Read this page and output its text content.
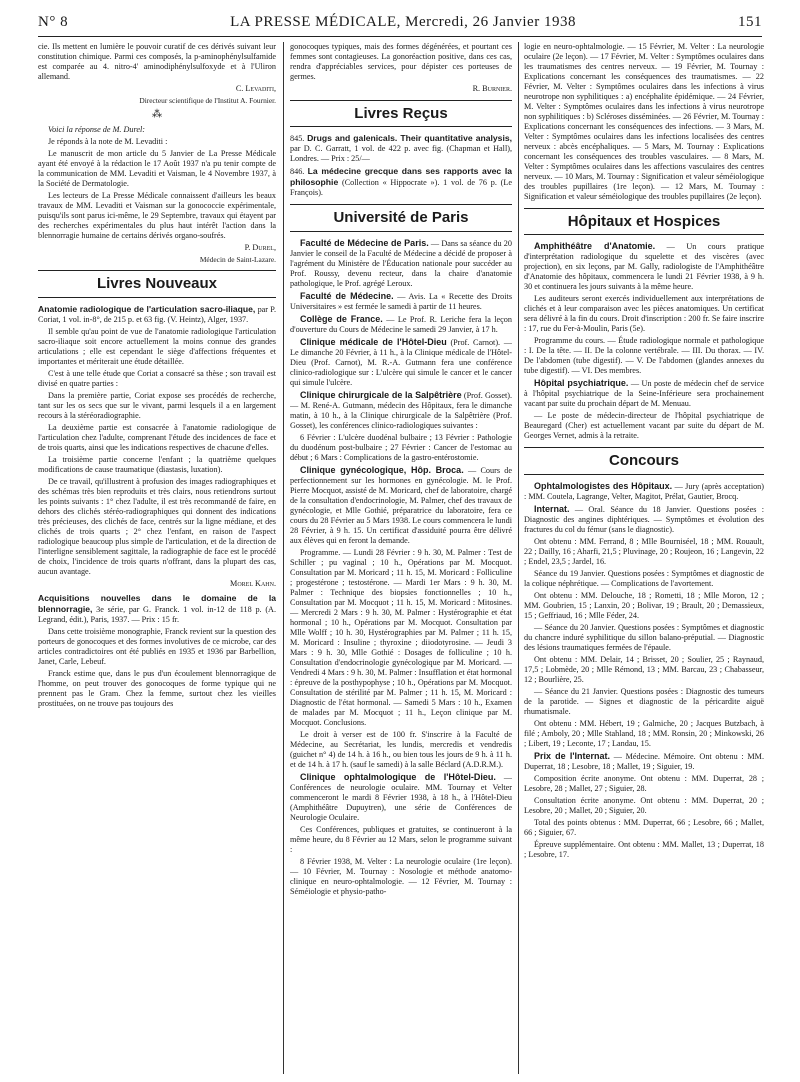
N° 8	LA PRESSE MÉDICALE, Mercredi, 26 Janvier 1938	151

cie. Ils mettent en lumière le pouvoir curatif de ces dérivés suivant leur constitution chimique. Parmi ces composés, la p-aminophénylsulfamide est comparée au 4. nitro-4' aminodiphénylsulfoxyde et à l'Uliron allemand.

C. Levaditi,

Directeur scientifique de l'Institut A. Fournier.

⁂

Voici la réponse de M. Durel:

Je réponds à la note de M. Levaditi :

Le manuscrit de mon article du 5 Janvier de La Presse Médicale ayant été envoyé à la rédaction le 17 Août 1937 n'a pu tenir compte de la communication de MM. Levaditi et Vaisman, le 4 Novembre 1937, à la Société de Dermatologie.

Les lecteurs de La Presse Médicale connaissent d'ailleurs les beaux travaux de MM. Levaditi et Vaisman sur la gonococcie expérimentale, puisqu'ils sont parus ici-même, le 29 Septembre, travaux qui étayent par des recherches expérimentales du plus haut intérêt l'action dans la blennorragie humaine de certains dérivés organo-soufrés.

P. Durel,

Médecin de Saint-Lazare.

Livres Nouveaux

Anatomie radiologique de l'articulation sacro-iliaque, par P. Coriat, 1 vol. in-8°, de 215 p. et 63 fig. (V. Heintz), Alger, 1937.

Il semble qu'au point de vue de l'anatomie radiologique l'articulation sacro-iliaque soit encore actuellement la moins connue des grandes articulations ; elle est cependant le siège d'affections fréquentes et importantes et mériterait une étude détaillée.

C'est à une telle étude que Coriat a consacré sa thèse ; son travail est divisé en quatre parties :

Dans la première partie, Coriat expose ses procédés de recherche, tant sur les os secs que sur le vivant, parmi lesquels il a en largement recours à la stéréoradiographie.

La deuxième partie est consacrée à l'anatomie radiologique de l'articulation chez l'adulte, comprenant l'étude des incidences de face et de trois quarts, ainsi que les indications respectives de chacune d'elles.

La troisième partie concerne l'enfant ; la quatrième quelques modifications de cause traumatique (diastasis, luxation).

De ce travail, qu'illustrent à profusion des images radiographiques et des schémas très bien reproduits et très clairs, nous retiendrons surtout les points suivants : 1° chez l'adulte, il est très recommandé de faire, en dehors des clichés stéréo-radiographiques qui donnent des indications très précieuses, des clichés de face, centrés sur la ligne médiane, et des clichés de trois quarts ; 2° chez l'enfant, en raison de l'aspect radiologique beaucoup plus simple de l'articulation, et de la direction de l'interligne sensiblement sagittale, la radiographie de face est le procédé de choix, l'incidence de trois quarts n'offrant, dans la plupart des cas, aucun avantage.

Morel Kahn.

Acquisitions nouvelles dans le domaine de la blennorragie, 3e série, par G. Franck. 1 vol. in-12 de 118 p. (A. Legrand, édit.), Paris, 1937. — Prix : 15 fr.

Dans cette troisième monographie, Franck revient sur la question des porteurs de gonocoques et des formes involutives de ce microbe, car des articles contradictoires ont été publiés en 1935 et 1936 par Barbellion, Janet, Carle, Lebeuf.

Franck estime que, dans le pus d'un écoulement blennorragique de l'homme, on peut trouver des gonocoques de forme typique qui ne prennent pas le Gram. Chez la femme, surtout chez les vieilles prostituées, on ne trouve pas toujours des

gonocoques typiques, mais des formes dégénérées, et pourtant ces femmes sont contagieuses. La gonoréaction positive, dans ces cas, rendra d'appréciables services, pour dépister ces porteuses de germes.

R. Burnier.

Livres Reçus

845. Drugs and galenicals. Their quantitative analysis, par D. C. Garratt, 1 vol. de 422 p. avec fig. (Chapman et Hall), Londres. — Prix : 25/—

846. La médecine grecque dans ses rapports avec la philosophie (Collection « Hippocrate »). 1 vol. de 76 p. (Le François).

Université de Paris

Faculté de Médecine de Paris. — Dans sa séance du 20 Janvier le conseil de la Faculté de Médecine a décidé de proposer à l'agrément du Ministère de l'Éducation nationale pour succéder au Prof. Roussy, devenu recteur, dans la chaire d'anatomie pathologique, le Prof. agrégé Leroux.

Faculté de Médecine. — Avis. La « Recette des Droits Universitaires » est fermée le samedi à partir de 11 heures.

Collège de France. — Le Prof. R. Leriche fera la leçon d'ouverture du Cours de Médecine le samedi 29 Janvier, à 17 h.

Clinique médicale de l'Hôtel-Dieu (Prof. Carnot). — Le dimanche 20 Février, à 11 h., à la Clinique médicale de l'Hôtel-Dieu (Prof. Carnot), M. R.-A. Gutmann fera une conférence clinico-radiologique sur : L'ulcère qui simule le cancer et le cancer qui simule l'ulcère.

Clinique chirurgicale de la Salpêtrière (Prof. Gosset). — M. René-A. Gutmann, médecin des Hôpitaux, fera le dimanche matin, à 10 h., à la Clinique chirurgicale de la Salpêtrière (Prof. Gosset), les conférences clinico-radiologiques suivantes :

6 Février : L'ulcère duodénal bulbaire ; 13 Février : Pathologie du duodénum post-bulbaire ; 27 Février : Cancer de l'estomac au début ; 6 Mars : Complications de la gastro-entérostomie.

Clinique gynécologique, Hôp. Broca. — Cours de perfectionnement sur les hormones en gynécologie. M. le Prof. Pierre Mocquot, assisté de M. Moricard, chef de laboratoire, chargé de la consultation d'endocrinologie, M. Palmer, chef des travaux de gynécologie, et Mlle Gothié, préparatrice du laboratoire, fera ce cours du 28 Février au 5 Mars 1938. Le cours commencera le lundi 28 Février, à 9 h. 15. Un certificat d'assiduité pourra être délivré aux élèves qui en feront la demande.

Programme. — Lundi 28 Février : 9 h. 30, M. Palmer : Test de Schiller ; pu vaginal ; 10 h., Opérations par M. Mocquot. Consultation par M. Moricard ; 11 h. 15, M. Moricard : Folliculine ; progestérone ; testostérone. — Mardi 1er Mars : 9 h. 30, M. Palmer : Technique des biopsies fonctionnelles ; 10 h., Consultation par M. Mocquot ; 11 h. 15, M. Moricard : Mitosines. — Mercredi 2 Mars : 9 h. 30, M. Palmer : Hystérographie et état hormonal ; 10 h., Opérations par M. Mocquot. Consultation par Mlle Wolff ; 10 h. 30, Hystérographies par M. Palmer ; 11 h. 15, M. Moricard : Insuline ; thyroxine ; diiodotyrosine. — Jeudi 3 Mars : 9 h. 30, Mlle Gothié : Dosages de folliculine ; 10 h. Consultation d'endocrinologie gynécologique par M. Moricard. — Vendredi 4 Mars : 9 h. 30, M. Palmer : Insufflation et état hormonal : épreuve de la posthypophyse ; 10 h., Opérations par M. Mocquot. Consultation de stérilité par M. Palmer ; 11 h. 15, M. Moricard : Diagnostic de l'état hormonal. — Samedi 5 Mars : 10 h., Examen de malades par M. Mocquot ; 11 h., Leçon clinique par M. Mocquot. Conclusions.

Le droit à verser est de 100 fr. S'inscrire à la Faculté de Médecine, au Secrétariat, les lundis, mercredis et vendredis (guichet n° 4) de 14 h. à 16 h., ou bien tous les jours de 9 h. à 11 h. et de 14 h. à 17 h. (sauf le samedi) à la salle Béclard (A.D.R.M.).

Clinique ophtalmologique de l'Hôtel-Dieu. — Conférences de neurologie oculaire. MM. Tournay et Velter commenceront le mardi 8 Février 1938, à 18 h., à l'Hôtel-Dieu (Amphithéâtre Dupuytren), une série de Conférences de Neurologie Oculaire.

Ces Conférences, publiques et gratuites, se continueront à la même heure, du 8 Février au 12 Mars, selon le programme suivant :

8 Février 1938, M. Velter : La neurologie oculaire (1re leçon). — 10 Février, M. Tournay : Nosologie et méthode anatomo-clinique en neuro-ophtalmologie. — 12 Février, M. Tournay : Séméiologie et physio-patho-

logie en neuro-ophtalmologie. — 15 Février, M. Velter : La neurologie oculaire (2e leçon). — 17 Février, M. Velter : Symptômes oculaires dans les traumatismes des centres nerveux. — 19 Février, M. Tournay : Explications concernant les conséquences des traumatismes. — 22 Février, M. Velter : Symptômes oculaires dans les infections à virus neurotrope non syphilitiques : a) encéphalite épidémique. — 24 Février, M. Velter : Symptômes oculaires dans les infections à virus neurotrope non syphilitiques : b) Scléroses disséminées. — 26 Février, M. Tournay : Explications concernant les conséquences des infections. — 3 Mars, M. Velter : Symptômes oculaires dans les infections localisées des centres nerveux : abcès encéphaliques. — 5 Mars, M. Tournay : Explications concernant les conséquences des troubles vasculaires. — 8 Mars, M. Velter : Symptômes oculaires dans les affections vasculaires des centres nerveux. — 10 Mars, M. Tournay : Signification et valeur séméiologique des troubles pupillaires (1re leçon). — 12 Mars, M. Tournay : Signification et valeur séméiologique des troubles pupillaires (2e leçon).

Hôpitaux et Hospices

Amphithéâtre d'Anatomie. — Un cours pratique d'interprétation radiologique du squelette et des viscères (avec projection), en six leçons, par M. Gally, radiologiste de l'Amphithéâtre d'Anatomie des hôpitaux, commencera le lundi 21 Février 1938, à 9 h. 30 et continuera les jours suivants à la même heure.

Les auditeurs seront exercés individuellement aux interprétations de clichés et à leur comparaison avec les pièces anatomiques. Un certificat sera délivré à la fin du cours. Droit d'inscription : 200 fr. Se faire inscrire : 17, rue du Fer-à-Moulin, Paris (5e).

Programme du cours. — Étude radiologique normale et pathologique : I. De la tête. — II. De la colonne vertébrale. — III. Du thorax. — IV. De l'abdomen (tube digestif). — V. De l'abdomen (glandes annexes du tube digestif). — VI. Des membres.

Hôpital psychiatrique. — Un poste de médecin chef de service à l'hôpital psychiatrique de la Seine-Inférieure sera prochainement vacant par suite du prochain départ de M. Menuau.

— Le poste de médecin-directeur de l'hôpital psychiatrique de Beauregard (Cher) est actuellement vacant par suite du départ de M. Georges Vernet, admis à la retraite.

Concours

Ophtalmologistes des Hôpitaux. — Jury (après acceptation) : MM. Coutela, Lagrange, Velter, Magitot, Prélat, Gautier, Brocq.

Internat. — Oral. Séance du 18 Janvier. Questions posées : Diagnostic des angines diphtériques. — Symptômes et évolution des fractures du col du fémur (sans le diagnostic).

Ont obtenu : MM. Ferrand, 8 ; Mlle Bourniséel, 18 ; MM. Rouault, 22 ; Dailly, 16 ; Aharfi, 21,5 ; Pluvinage, 20 ; Roujeon, 16 ; Langevin, 22 ; Endel, 23,5 ; Jardel, 16.

Séance du 19 Janvier. Questions posées : Symptômes et diagnostic de la colique néphrétique. — Complications de l'avortement.

Ont obtenu : MM. Delouche, 18 ; Rometti, 18 ; Mlle Moron, 12 ; MM. Goubrien, 15 ; Lanxin, 20 ; Bolivar, 19 ; Brault, 20 ; Demassieux, 15 ; Geffriaud, 16 ; Mlle Féder, 24.

— Séance du 20 Janvier. Questions posées : Symptômes et diagnostic du chancre induré syphilitique du sillon balano-préputial. — Diagnostic des lésions traumatiques fermées de l'épaule.

Ont obtenu : MM. Delair, 14 ; Brisset, 20 ; Soulier, 25 ; Raynaud, 17,5 ; Lobmède, 20 ; Mlle Rémond, 13 ; MM. Barcau, 23 ; Chabasseur, 12 ; Bourlière, 25.

— Séance du 21 Janvier. Questions posées : Diagnostic des tumeurs de la parotide. — Signes et diagnostic de la péricardite aiguë rhumatismale.

Ont obtenu : MM. Hébert, 19 ; Galmiche, 20 ; Jacques Butzbach, à filé ; Amboly, 20 ; Mlle Stahland, 18 ; MM. Ronsin, 20 ; Minkowski, 26 ; Libert, 19 ; Leconte, 17 ; Landau, 15.

Prix de l'Internat. — Médecine. Mémoire. Ont obtenu : MM. Duperrat, 18 ; Lesobre, 18 ; Mallet, 19 ; Siguier, 19.

Composition écrite anonyme. Ont obtenu : MM. Duperrat, 28 ; Lesobre, 28 ; Mallet, 27 ; Siguier, 28.

Consultation écrite anonyme. Ont obtenu : MM. Duperrat, 20 ; Lesobre, 20 ; Mallet, 20 ; Siguier, 20.

Total des points obtenus : MM. Duperrat, 66 ; Lesobre, 66 ; Mallet, 66 ; Siguier, 67.

Épreuve supplémentaire. Ont obtenu : MM. Mallet, 13 ; Duperrat, 18 ; Lesobre, 17.
